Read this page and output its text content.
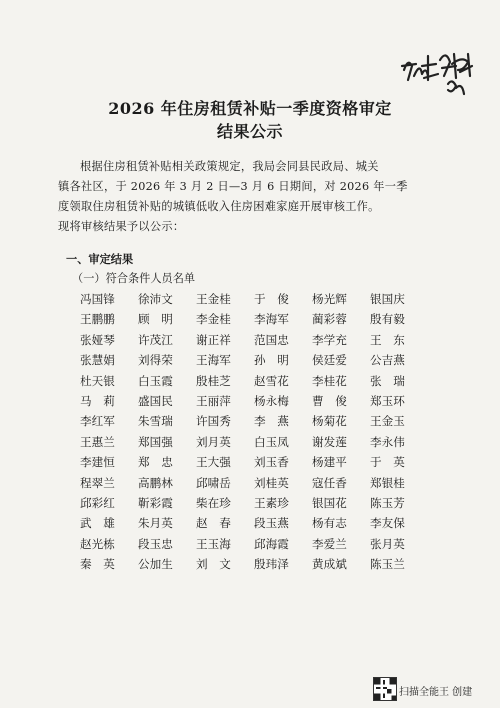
2026 年住房租赁补贴一季度资格审定
结果公示
根据住房租赁补贴相关政策规定，我局会同县民政局、城关
镇各社区，于 2026 年 3 月 2 日—3 月 6 日期间，对 2026 年一季
度领取住房租赁补贴的城镇低收入住房困难家庭开展审核工作。
现将审核结果予以公示：
一、审定结果
（一）符合条件人员名单
冯国锋	徐沛文	王金桂	于　俊	杨光辉	银国庆
王鹏鹏	顾　明	李金桂	李海军	蔺彩蓉	殷有毅
张娅琴	许茂江	谢正祥	范国忠	李学充	王　东
张慧娟	刘得荣	王海军	孙　明	侯廷爱	公吉燕
杜天银	白玉霞	殷桂芝	赵雪花	李桂花	张　瑞
马　莉	盛国民	王丽萍	杨永梅	曹　俊	郑玉环
李红军	朱雪瑞	许国秀	李　燕	杨菊花	王金玉
王惠兰	郑国强	刘月英	白玉凤	谢发莲	李永伟
李建恒	郑　忠	王大强	刘玉香	杨建平	于　英
程翠兰	高鹏林	邱啸岳	刘桂英	寇任香	郑银桂
邱彩红	靳彩霞	柴在珍	王素珍	银国花	陈玉芳
武　雄	朱月英	赵　春	段玉燕	杨有志	李友保
赵光栋	段玉忠	王玉海	邱海霞	李爱兰	张月英
秦　英	公加生	刘　文	殷玮泽	黄成斌	陈玉兰
扫描全能王 创建
